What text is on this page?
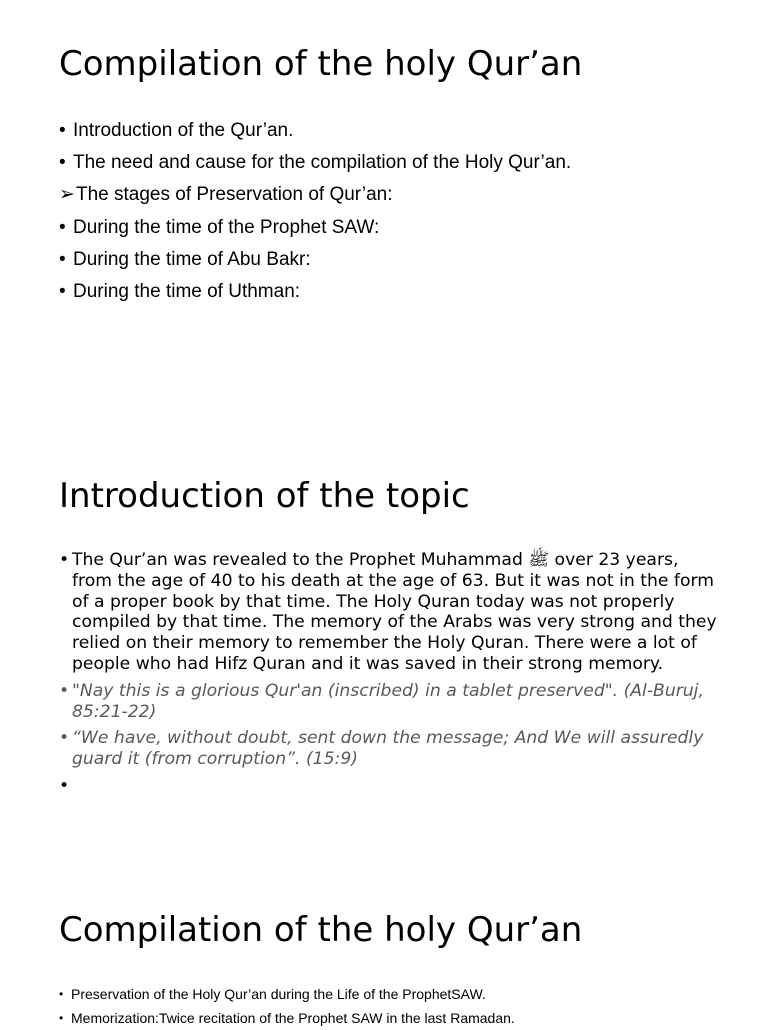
Compilation of the holy Qur’an
• Introduction of the Qur’an.
• The need and cause for the compilation of the Holy Qur’an.
➢ The stages of Preservation of Qur’an:
• During the time of the Prophet SAW:
• During the time of Abu Bakr:
• During the time of Uthman:
Introduction of the topic
• The Qur’an was revealed to the Prophet Muhammad ﷺ over 23 years, from the age of 40 to his death at the age of 63. But it was not in the form of a proper book by that time. The Holy Quran today was not properly compiled by that time. The memory of the Arabs was very strong and they relied on their memory to remember the Holy Quran. There were a lot of people who had Hifz Quran and it was saved in their strong memory.
• "Nay this is a glorious Qur'an (inscribed) in a tablet preserved". (Al-Buruj, 85:21-22)
• “We have, without doubt, sent down the message; And We will assuredly guard it (from corruption”. (15:9)
•
Compilation of the holy Qur’an
• Preservation of the Holy Qur’an during the Life of the ProphetSAW.
• Memorization:Twice recitation of the Prophet SAW in the last Ramadan.
